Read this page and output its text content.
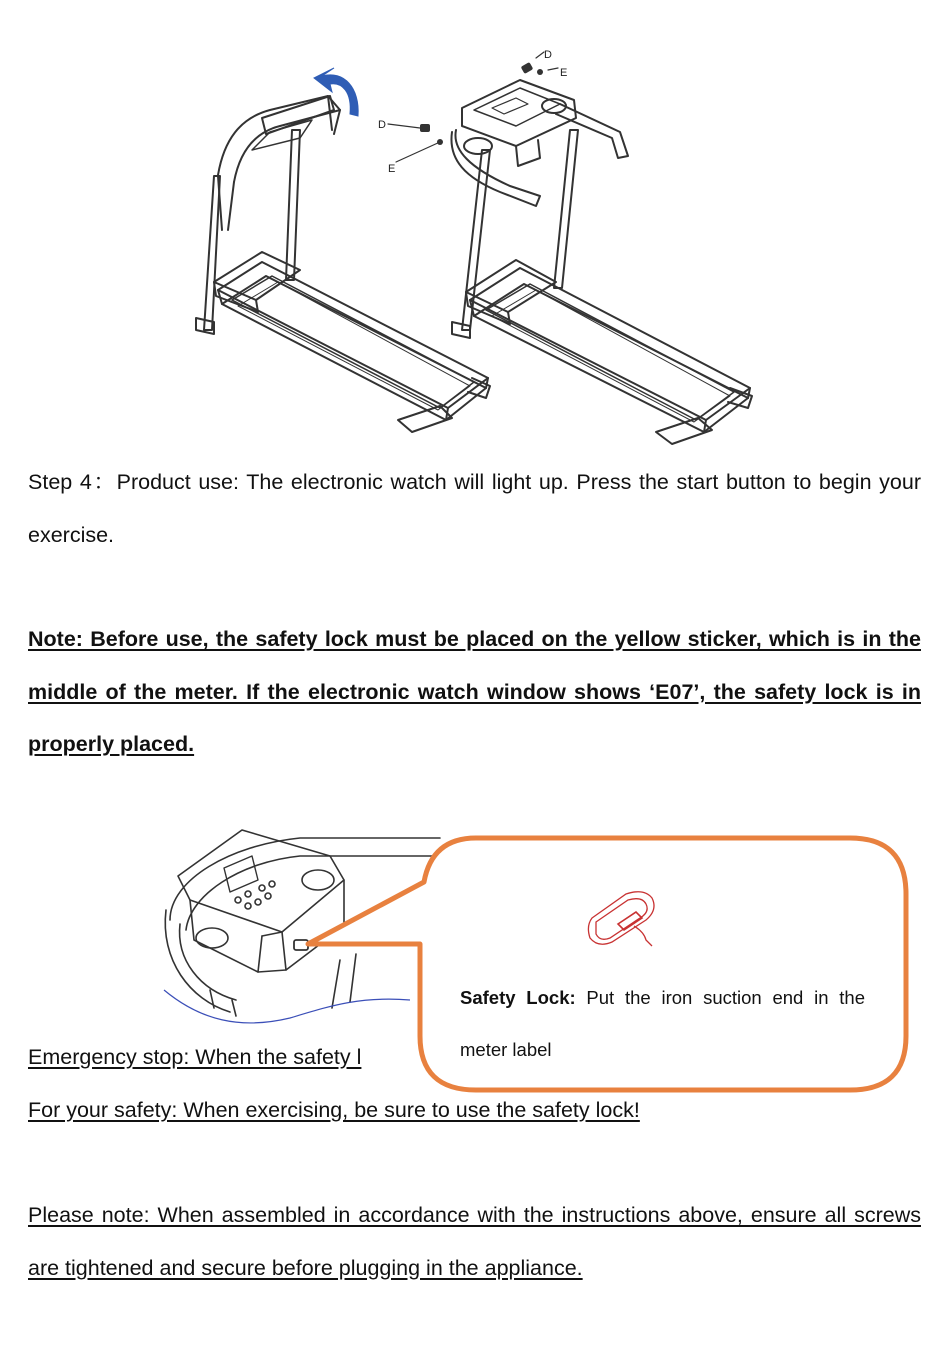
D
E
D
E

Step 4：Product use: The electronic watch will light up. Press the start button to begin your exercise.

Note: Before use, the safety lock must be placed on the yellow sticker, which is in the middle of the meter. If the electronic watch window shows ‘E07’, the safety lock is in properly placed.

Safety Lock: Put the iron suction end in the meter label

Emergency stop: When the safety l

For your safety: When exercising, be sure to use the safety lock!

Please note: When assembled in accordance with the instructions above, ensure all screws are tightened and secure before plugging in the appliance.
